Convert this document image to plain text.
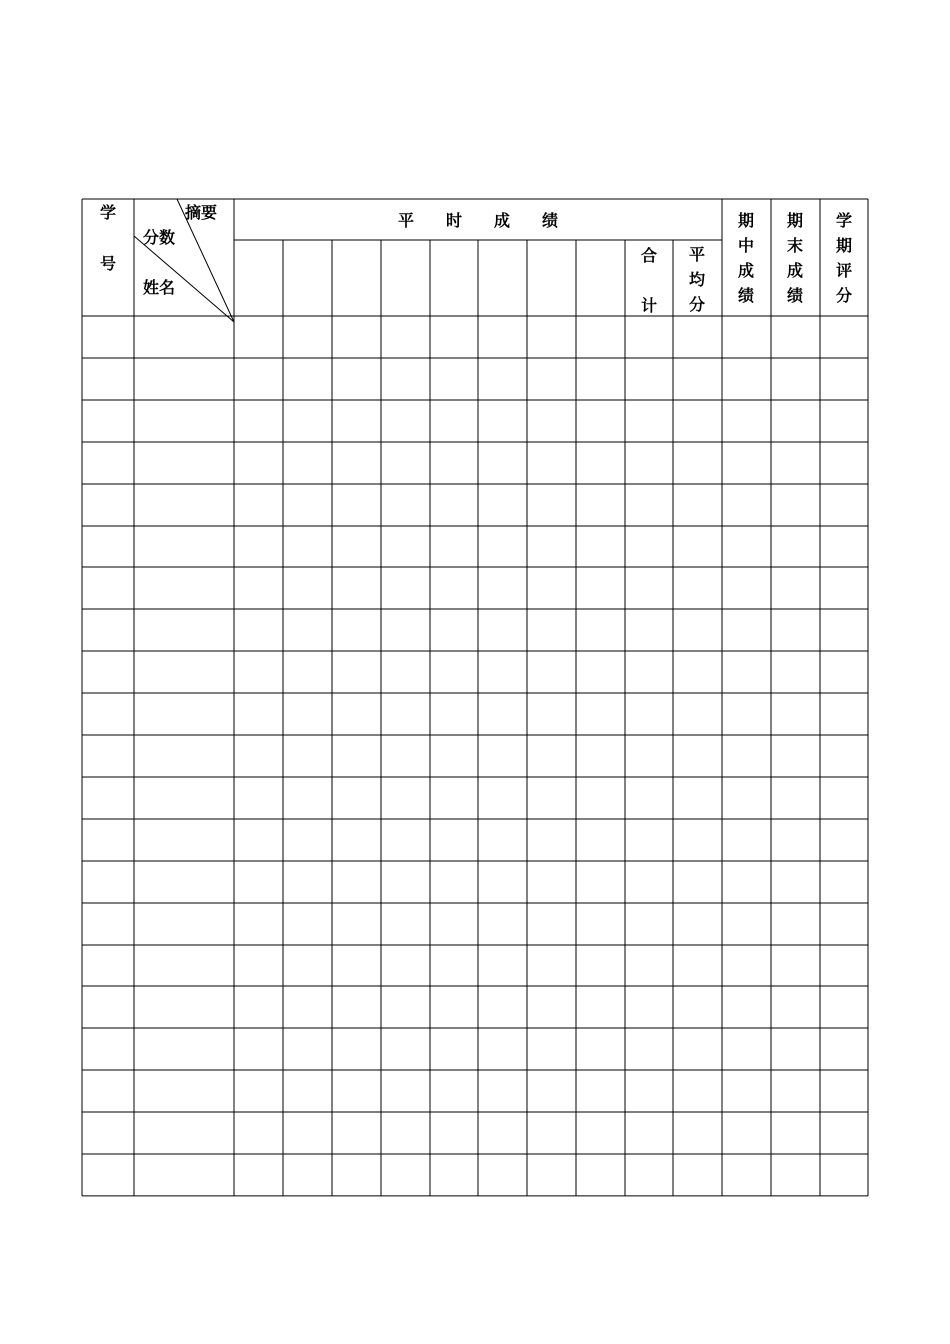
学
号
摘要
分数
姓名
平　　时　　成　　绩
合
计
平
均
分
期
中
成
绩
期
末
成
绩
学
期
评
分
